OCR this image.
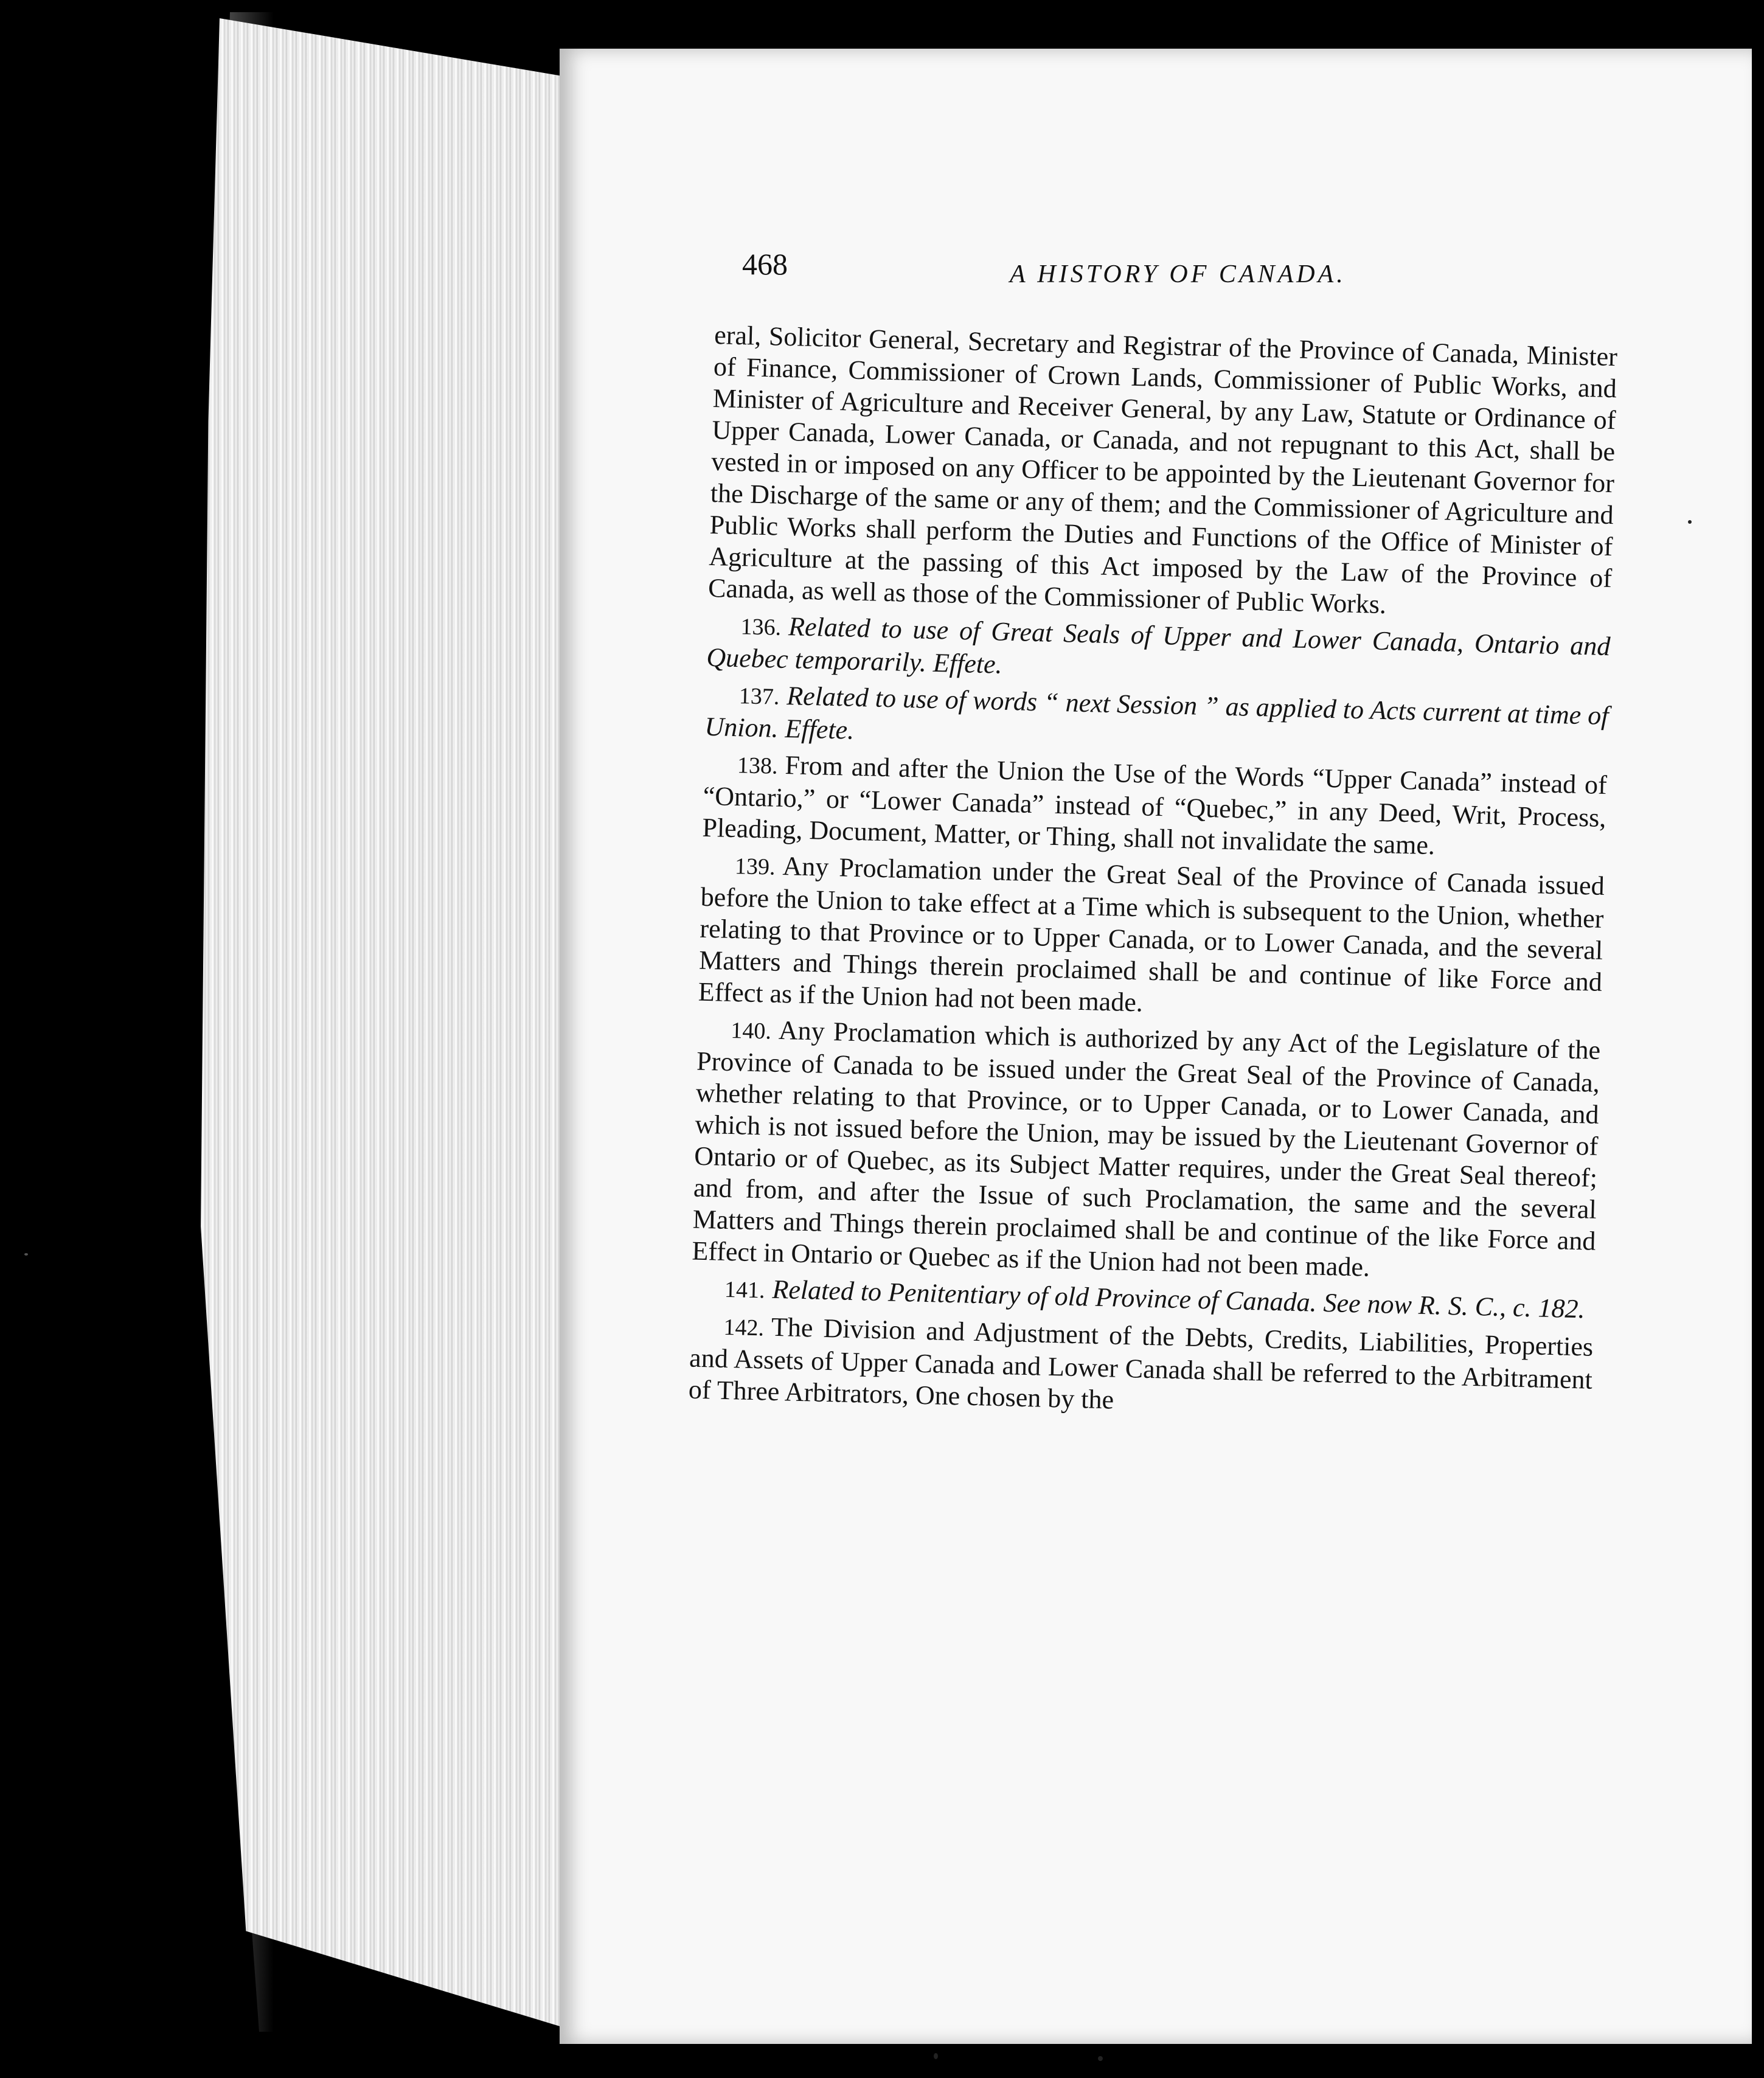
468	A HISTORY OF CANADA.

eral, Solicitor General, Secretary and Registrar of the Province of Canada, Minister of Finance, Commissioner of Crown Lands, Commissioner of Public Works, and Minister of Agriculture and Receiver General, by any Law, Statute or Ordinance of Upper Canada, Lower Canada, or Canada, and not repugnant to this Act, shall be vested in or imposed on any Officer to be appointed by the Lieutenant Governor for the Discharge of the same or any of them; and the Commissioner of Agriculture and Public Works shall perform the Duties and Functions of the Office of Minister of Agriculture at the passing of this Act imposed by the Law of the Province of Canada, as well as those of the Commissioner of Public Works.

136. Related to use of Great Seals of Upper and Lower Canada, Ontario and Quebec temporarily. Effete.

137. Related to use of words “ next Session ” as applied to Acts current at time of Union. Effete.

138. From and after the Union the Use of the Words “Upper Canada” instead of “Ontario,” or “Lower Canada” instead of “Quebec,” in any Deed, Writ, Process, Pleading, Document, Matter, or Thing, shall not invalidate the same.

139. Any Proclamation under the Great Seal of the Province of Canada issued before the Union to take effect at a Time which is subsequent to the Union, whether relating to that Province or to Upper Canada, or to Lower Canada, and the several Matters and Things therein proclaimed shall be and continue of like Force and Effect as if the Union had not been made.

140. Any Proclamation which is authorized by any Act of the Legislature of the Province of Canada to be issued under the Great Seal of the Province of Canada, whether relating to that Province, or to Upper Canada, or to Lower Canada, and which is not issued before the Union, may be issued by the Lieutenant Governor of Ontario or of Quebec, as its Subject Matter requires, under the Great Seal thereof; and from, and after the Issue of such Proclamation, the same and the several Matters and Things therein proclaimed shall be and continue of the like Force and Effect in Ontario or Quebec as if the Union had not been made.

141. Related to Penitentiary of old Province of Canada. See now R. S. C., c. 182.

142. The Division and Adjustment of the Debts, Credits, Liabilities, Properties and Assets of Upper Canada and Lower Canada shall be referred to the Arbitrament of Three Arbitrators, One chosen by the
